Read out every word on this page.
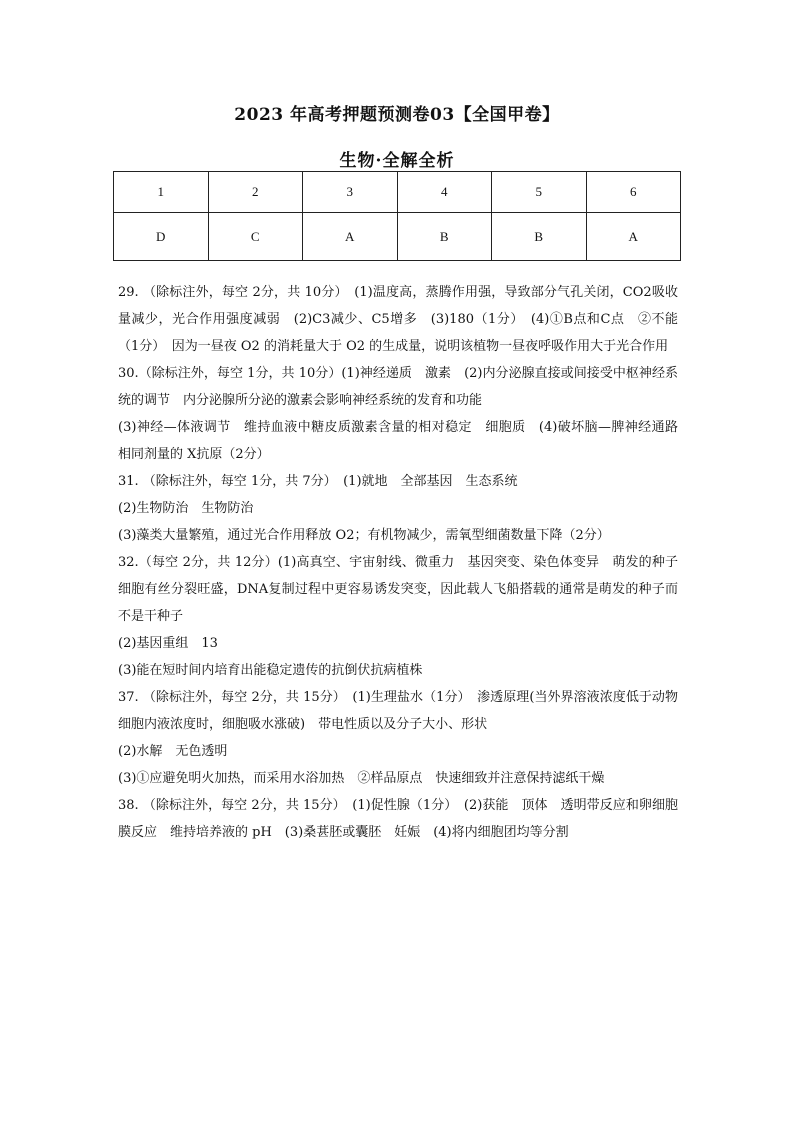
2023 年高考押题预测卷03【全国甲卷】
生物·全解全析
1	2	3	4	5	6
D	C	A	B	B	A

29. （除标注外，每空 2分，共 10分）　(1)温度高，蒸腾作用强，导致部分气孔关闭，CO2吸收量减少，光合作用强度减弱　(2)C3减少、C5增多　(3)180（1分）　(4)①B点和C点　②不能（1分）　因为一昼夜 O2 的消耗量大于 O2 的生成量，说明该植物一昼夜呼吸作用大于光合作用

30.（除标注外，每空 1分，共 10分）(1)神经递质　激素　(2)内分泌腺直接或间接受中枢神经系统的调节　内分泌腺所分泌的激素会影响神经系统的发育和功能

(3)神经—体液调节　维持血液中糖皮质激素含量的相对稳定　细胞质　(4)破坏脑—脾神经通路　相同剂量的 X抗原（2分）

31. （除标注外，每空 1分，共 7分）　(1)就地　全部基因　生态系统

(2)生物防治　生物防治

(3)藻类大量繁殖，通过光合作用释放 O2；有机物减少，需氧型细菌数量下降（2分）

32.（每空 2分，共 12分）(1)高真空、宇宙射线、微重力　基因突变、染色体变异　萌发的种子细胞有丝分裂旺盛，DNA复制过程中更容易诱发突变，因此载人飞船搭载的通常是萌发的种子而不是干种子

(2)基因重组　13

(3)能在短时间内培育出能稳定遗传的抗倒伏抗病植株

37. （除标注外，每空 2分，共 15分）　(1)生理盐水（1分）　渗透原理(当外界溶液浓度低于动物细胞内液浓度时，细胞吸水涨破)　带电性质以及分子大小、形状

(2)水解　无色透明

(3)①应避免明火加热，而采用水浴加热　②样品原点　快速细致并注意保持滤纸干燥

38. （除标注外，每空 2分，共 15分）　(1)促性腺（1分）　(2)获能　顶体　透明带反应和卵细胞膜反应　维持培养液的 pH　(3)桑葚胚或囊胚　妊娠　(4)将内细胞团均等分割
